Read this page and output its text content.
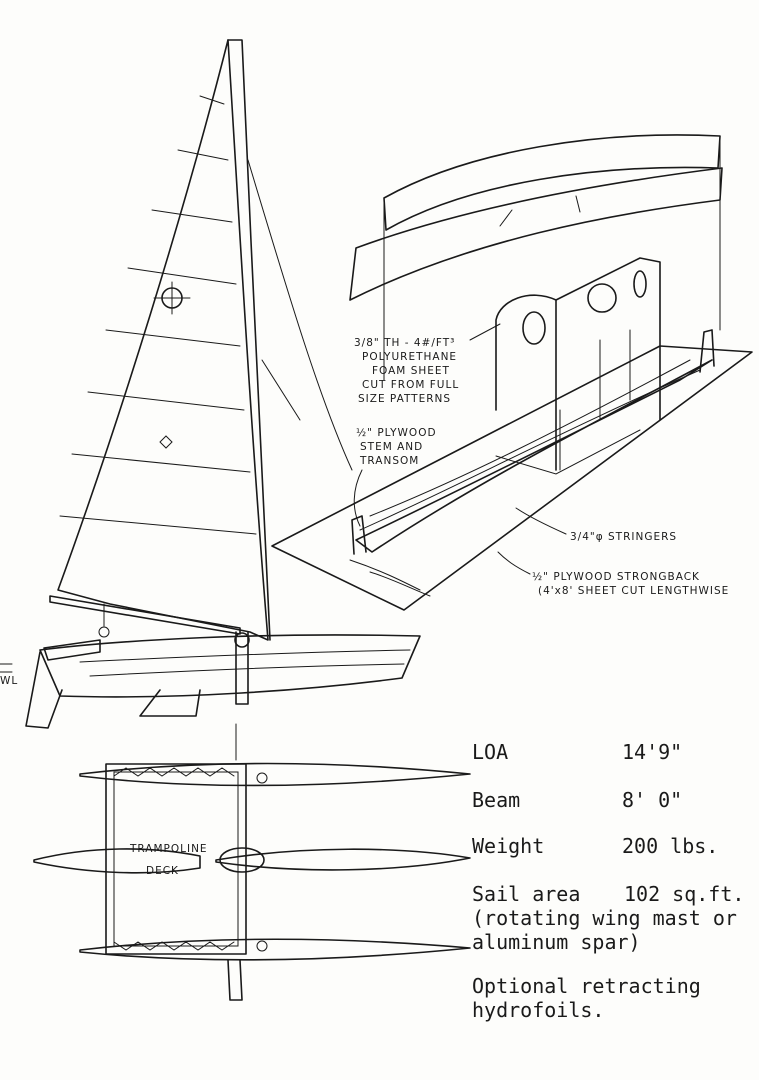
WL
3/8" TH - 4#/FT³
POLYURETHANE
FOAM SHEET
CUT FROM FULL
SIZE PATTERNS
½" PLYWOOD
STEM AND
TRANSOM
3/4"φ STRINGERS
½" PLYWOOD STRONGBACK
(4'x8' SHEET CUT LENGTHWISE
TRAMPOLINE
DECK
LOA	14'9"
Beam	8' 0"
Weight	200 lbs.
Sail area 102 sq.ft.
(rotating wing mast or
aluminum spar)
Optional retracting
hydrofoils.
